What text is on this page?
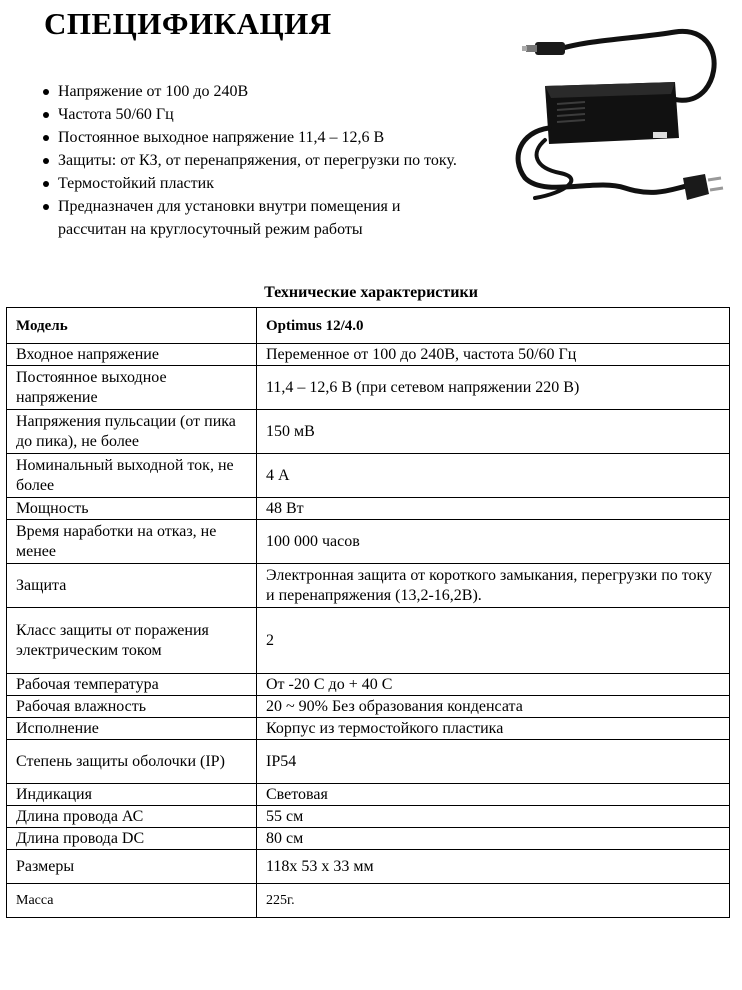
СПЕЦИФИКАЦИЯ
Напряжение от 100 до 240В
Частота 50/60 Гц
Постоянное выходное напряжение 11,4 – 12,6 В
Защиты: от КЗ, от перенапряжения, от перегрузки по току.
Термостойкий пластик
Предназначен для установки внутри помещения и рассчитан на круглосуточный режим работы
Технические характеристики
Модель	Optimus 12/4.0
Входное напряжение	Переменное от 100 до 240В, частота 50/60 Гц
Постоянное выходное напряжение	11,4 – 12,6 В (при сетевом напряжении 220 В)
Напряжения пульсации (от пика до пика), не более	150 мВ
Номинальный выходной ток, не более	4 А
Мощность	48 Вт
Время наработки на отказ, не менее	100 000 часов
Защита	Электронная защита от короткого замыкания, перегрузки по току и перенапряжения (13,2-16,2В).
Класс защиты от поражения электрическим током	2
Рабочая температура	От -20 С до + 40 С
Рабочая влажность	20 ~ 90% Без образования конденсата
Исполнение	Корпус из термостойкого пластика
Степень защиты оболочки (IP)	IP54
Индикация	Световая
Длина провода АС	55 см
Длина провода DC	80 см
Размеры	118х 53 х 33 мм
Масса	225г.
